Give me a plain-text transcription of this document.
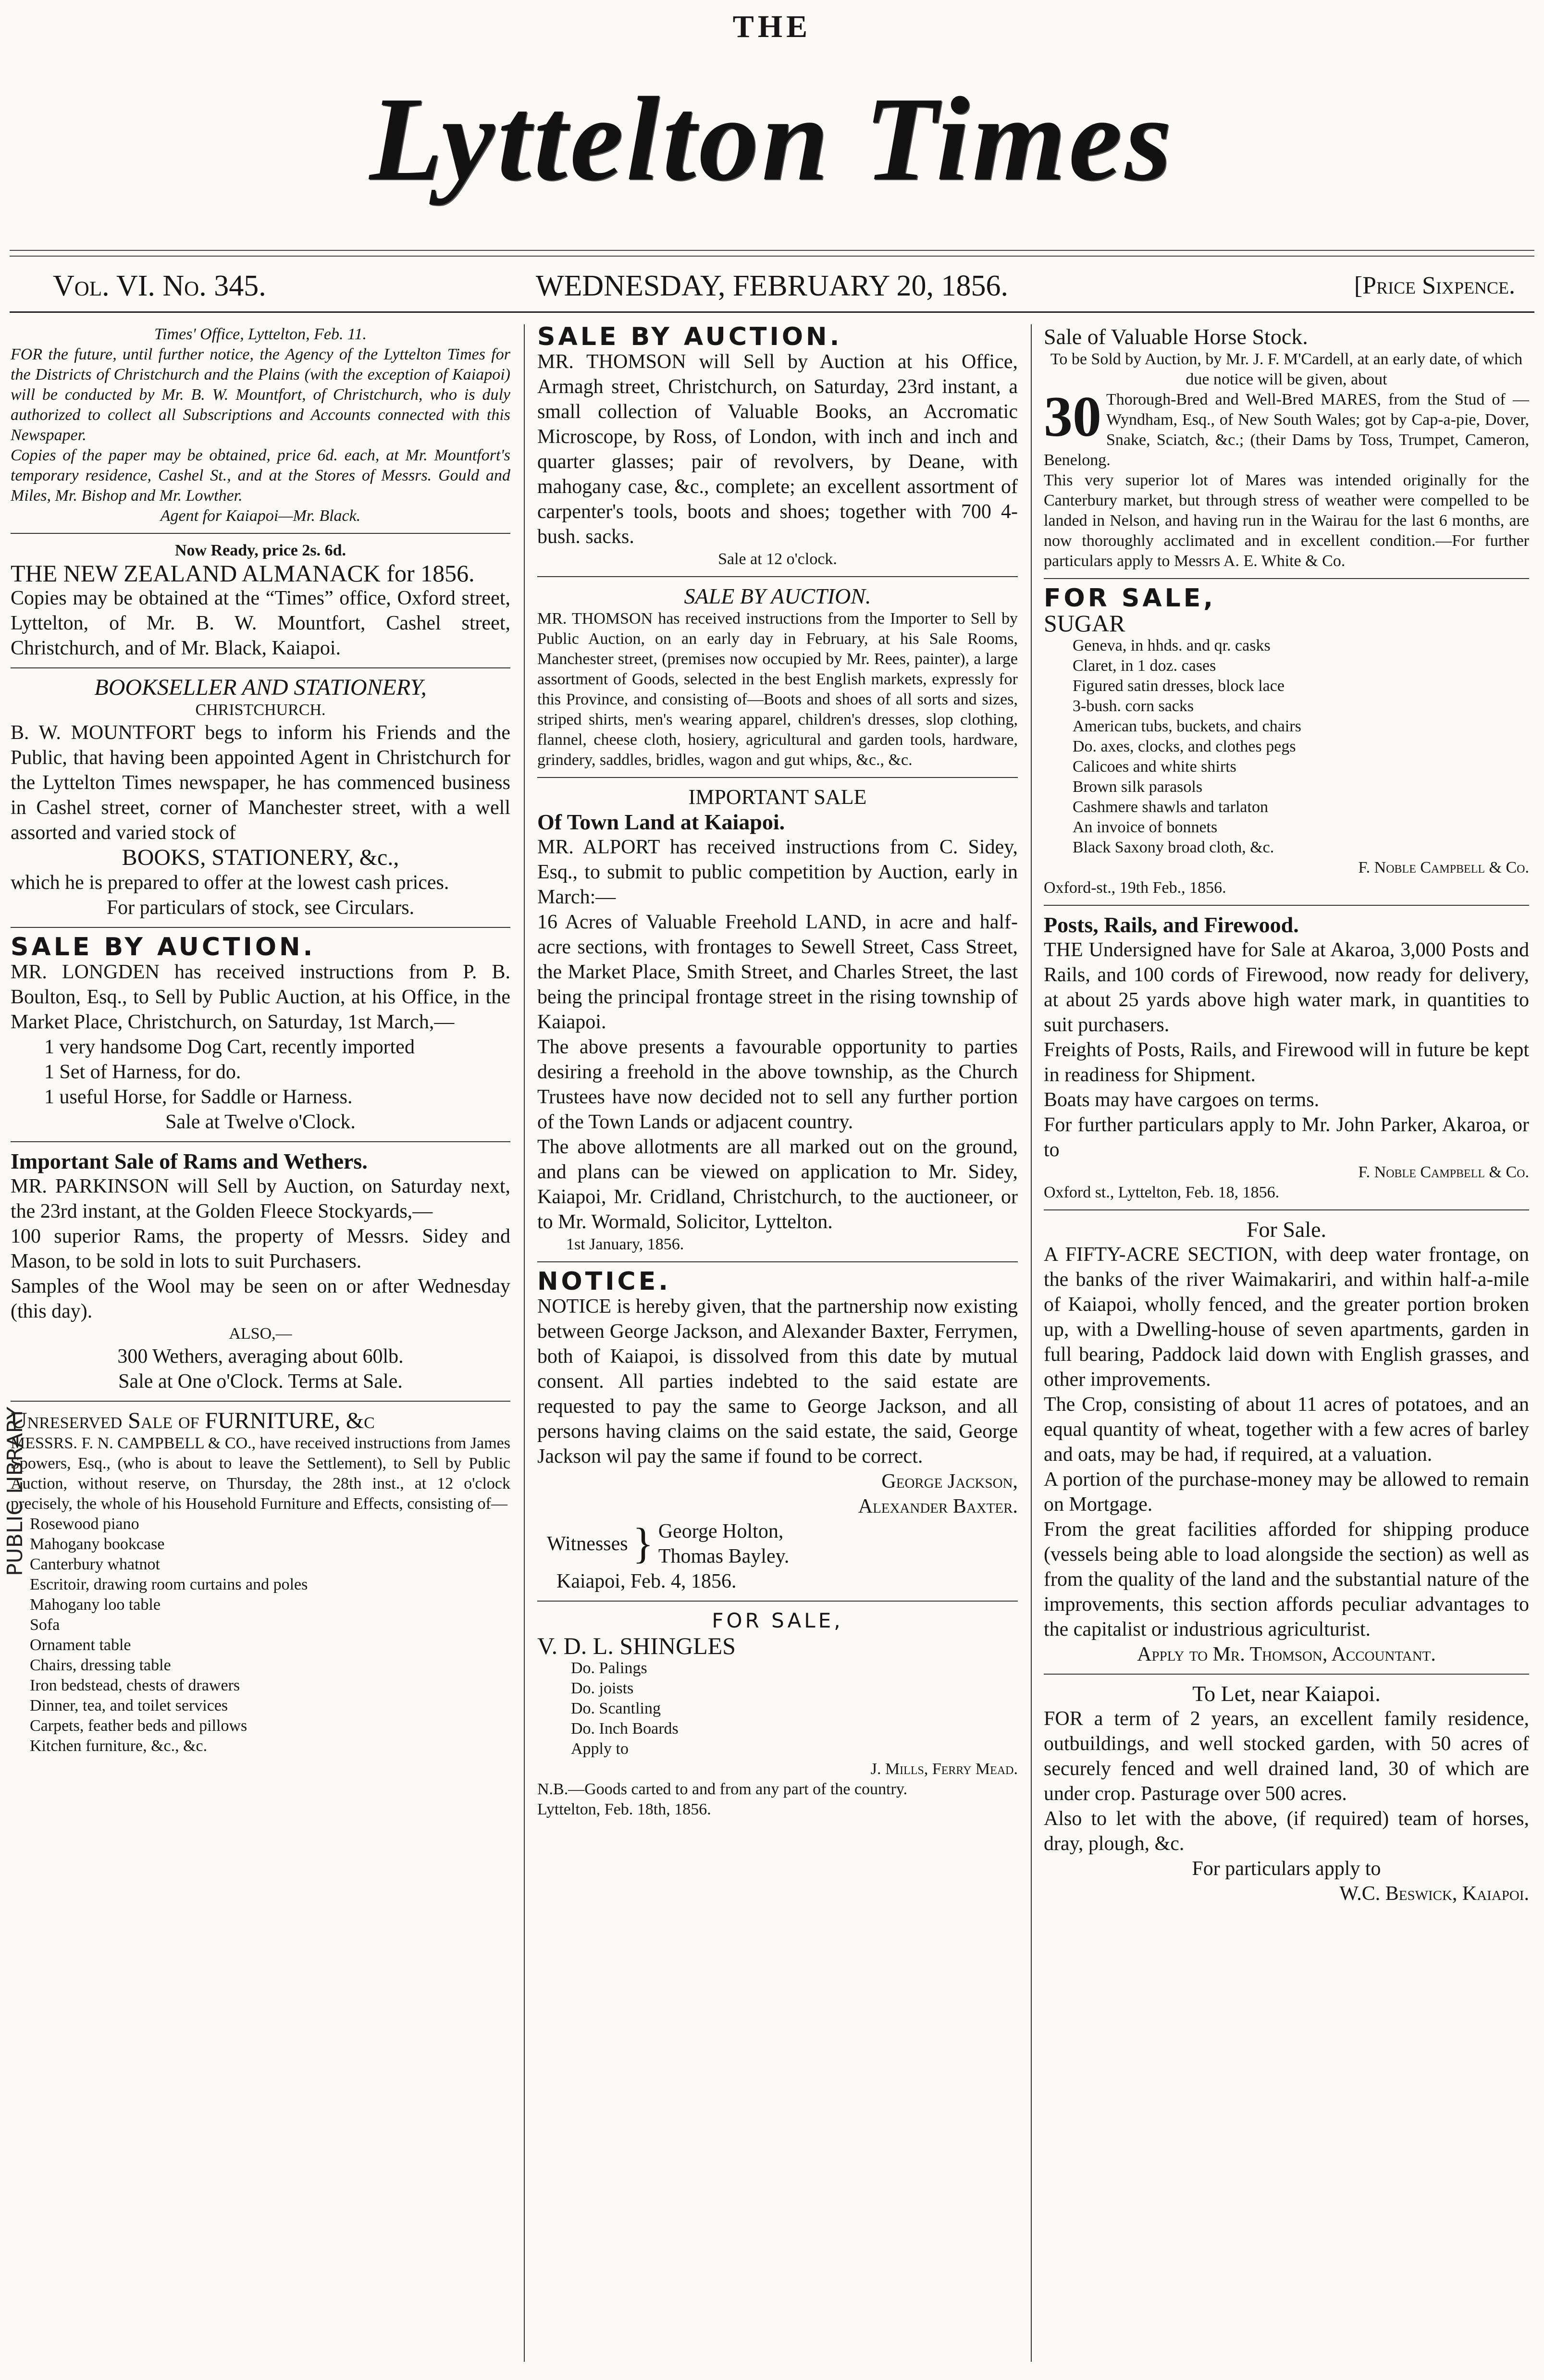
THE
Lyttelton Times
Vol. VI. No. 345.	WEDNESDAY, FEBRUARY 20, 1856.	[Price Sixpence.

Times' Office, Lyttelton, Feb. 11.

FOR the future, until further notice, the Agency of the Lyttelton Times for the Districts of Christchurch and the Plains (with the exception of Kaiapoi) will be conducted by Mr. B. W. Mountfort, of Christchurch, who is duly authorized to collect all Subscriptions and Accounts connected with this Newspaper.

Copies of the paper may be obtained, price 6d. each, at Mr. Mountfort's temporary residence, Cashel St., and at the Stores of Messrs. Gould and Miles, Mr. Bishop and Mr. Lowther.

Agent for Kaiapoi—Mr. Black.

Now Ready, price 2s. 6d.

THE NEW ZEALAND ALMANACK for 1856.

Copies may be obtained at the “Times” office, Oxford street, Lyttelton, of Mr. B. W. Mountfort, Cashel street, Christchurch, and of Mr. Black, Kaiapoi.

BOOKSELLER AND STATIONERY,

CHRISTCHURCH.

B. W. MOUNTFORT begs to inform his Friends and the Public, that having been appointed Agent in Christchurch for the Lyttelton Times newspaper, he has commenced business in Cashel street, corner of Manchester street, with a well assorted and varied stock of

BOOKS, STATIONERY, &c.,

which he is prepared to offer at the lowest cash prices.

For particulars of stock, see Circulars.

SALE BY AUCTION.

MR. LONGDEN has received instructions from P. B. Boulton, Esq., to Sell by Public Auction, at his Office, in the Market Place, Christchurch, on Saturday, 1st March,—

1 very handsome Dog Cart, recently imported
1 Set of Harness, for do.
1 useful Horse, for Saddle or Harness.

Sale at Twelve o'Clock.

Important Sale of Rams and Wethers.

MR. PARKINSON will Sell by Auction, on Saturday next, the 23rd instant, at the Golden Fleece Stockyards,—

100 superior Rams, the property of Messrs. Sidey and Mason, to be sold in lots to suit Purchasers.

Samples of the Wool may be seen on or after Wednesday (this day).

ALSO,—

300 Wethers, averaging about 60lb.

Sale at One o'Clock. Terms at Sale.

Unreserved Sale of FURNITURE, &c

MESSRS. F. N. CAMPBELL & CO., have received instructions from James Spowers, Esq., (who is about to leave the Settlement), to Sell by Public Auction, without reserve, on Thursday, the 28th inst., at 12 o'clock precisely, the whole of his Household Furniture and Effects, consisting of—

Rosewood piano
Mahogany bookcase
Canterbury whatnot
Escritoir, drawing room curtains and poles
Mahogany loo table
Sofa
Ornament table
Chairs, dressing table
Iron bedstead, chests of drawers
Dinner, tea, and toilet services
Carpets, feather beds and pillows
Kitchen furniture, &c., &c.

SALE BY AUCTION.

MR. THOMSON will Sell by Auction at his Office, Armagh street, Christchurch, on Saturday, 23rd instant, a small collection of Valuable Books, an Accromatic Microscope, by Ross, of London, with inch and inch and quarter glasses; pair of revolvers, by Deane, with mahogany case, &c., complete; an excellent assortment of carpenter's tools, boots and shoes; together with 700 4-bush. sacks.

Sale at 12 o'clock.

SALE BY AUCTION.

MR. THOMSON has received instructions from the Importer to Sell by Public Auction, on an early day in February, at his Sale Rooms, Manchester street, (premises now occupied by Mr. Rees, painter), a large assortment of Goods, selected in the best English markets, expressly for this Province, and consisting of—Boots and shoes of all sorts and sizes, striped shirts, men's wearing apparel, children's dresses, slop clothing, flannel, cheese cloth, hosiery, agricultural and garden tools, hardware, grindery, saddles, bridles, wagon and gut whips, &c., &c.

IMPORTANT SALE

Of Town Land at Kaiapoi.

MR. ALPORT has received instructions from C. Sidey, Esq., to submit to public competition by Auction, early in March:—

16 Acres of Valuable Freehold LAND, in acre and half-acre sections, with frontages to Sewell Street, Cass Street, the Market Place, Smith Street, and Charles Street, the last being the principal frontage street in the rising township of Kaiapoi.

The above presents a favourable opportunity to parties desiring a freehold in the above township, as the Church Trustees have now decided not to sell any further portion of the Town Lands or adjacent country.

The above allotments are all marked out on the ground, and plans can be viewed on application to Mr. Sidey, Kaiapoi, Mr. Cridland, Christchurch, to the auctioneer, or to Mr. Wormald, Solicitor, Lyttelton.

1st January, 1856.

NOTICE.

NOTICE is hereby given, that the partnership now existing between George Jackson, and Alexander Baxter, Ferrymen, both of Kaiapoi, is dissolved from this date by mutual consent. All parties indebted to the said estate are requested to pay the same to George Jackson, and all persons having claims on the said estate, the said, George Jackson wil pay the same if found to be correct.

George Jackson,

Alexander Baxter.

Witnesses } George Holton,
Thomas Bayley.

Kaiapoi, Feb. 4, 1856.

FOR SALE,

V. D. L. SHINGLES

Do. Palings
Do. joists
Do. Scantling
Do. Inch Boards
Apply to

J. Mills, Ferry Mead.

N.B.—Goods carted to and from any part of the country.

Lyttelton, Feb. 18th, 1856.

Sale of Valuable Horse Stock.

To be Sold by Auction, by Mr. J. F. M'Cardell, at an early date, of which due notice will be given, about

30 Thorough-Bred and Well-Bred MARES, from the Stud of — Wyndham, Esq., of New South Wales; got by Cap-a-pie, Dover, Snake, Sciatch, &c.; (their Dams by Toss, Trumpet, Cameron, Benelong.

This very superior lot of Mares was intended originally for the Canterbury market, but through stress of weather were compelled to be landed in Nelson, and having run in the Wairau for the last 6 months, are now thoroughly acclimated and in excellent condition.—For further particulars apply to Messrs A. E. White & Co.

FOR SALE,

SUGAR

Geneva, in hhds. and qr. casks
Claret, in 1 doz. cases
Figured satin dresses, block lace
3-bush. corn sacks
American tubs, buckets, and chairs
Do. axes, clocks, and clothes pegs
Calicoes and white shirts
Brown silk parasols
Cashmere shawls and tarlaton
An invoice of bonnets
Black Saxony broad cloth, &c.

F. Noble Campbell & Co.

Oxford-st., 19th Feb., 1856.

Posts, Rails, and Firewood.

THE Undersigned have for Sale at Akaroa, 3,000 Posts and Rails, and 100 cords of Firewood, now ready for delivery, at about 25 yards above high water mark, in quantities to suit purchasers.

Freights of Posts, Rails, and Firewood will in future be kept in readiness for Shipment.

Boats may have cargoes on terms.

For further particulars apply to Mr. John Parker, Akaroa, or to

F. Noble Campbell & Co.

Oxford st., Lyttelton, Feb. 18, 1856.

For Sale.

A FIFTY-ACRE SECTION, with deep water frontage, on the banks of the river Waimakariri, and within half-a-mile of Kaiapoi, wholly fenced, and the greater portion broken up, with a Dwelling-house of seven apartments, garden in full bearing, Paddock laid down with English grasses, and other improvements.

The Crop, consisting of about 11 acres of potatoes, and an equal quantity of wheat, together with a few acres of barley and oats, may be had, if required, at a valuation.

A portion of the purchase-money may be allowed to remain on Mortgage.

From the great facilities afforded for shipping produce (vessels being able to load alongside the section) as well as from the quality of the land and the substantial nature of the improvements, this section affords peculiar advantages to the capitalist or industrious agriculturist.

Apply to Mr. Thomson, Accountant.

To Let, near Kaiapoi.

FOR a term of 2 years, an excellent family residence, outbuildings, and well stocked garden, with 50 acres of securely fenced and well drained land, 30 of which are under crop. Pasturage over 500 acres.

Also to let with the above, (if required) team of horses, dray, plough, &c.

For particulars apply to

W.C. Beswick, Kaiapoi.

PUBLIC LIBRARY
